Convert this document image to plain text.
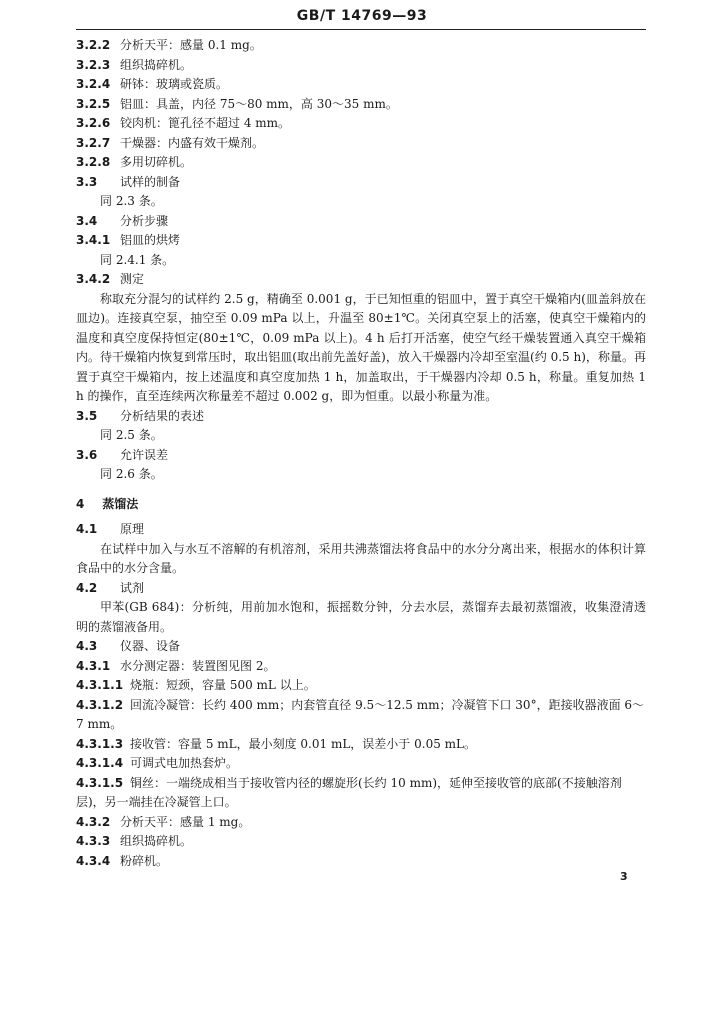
GB/T 14769—93
3.2.2 分析天平：感量 0.1 mg。
3.2.3 组织捣碎机。
3.2.4 研钵：玻璃或瓷质。
3.2.5 铝皿：具盖，内径 75～80 mm，高 30～35 mm。
3.2.6 铰肉机：篦孔径不超过 4 mm。
3.2.7 干燥器：内盛有效干燥剂。
3.2.8 多用切碎机。
3.3 试样的制备
同 2.3 条。
3.4 分析步骤
3.4.1 铝皿的烘烤
同 2.4.1 条。
3.4.2 测定

称取充分混匀的试样约 2.5 g，精确至 0.001 g，于已知恒重的铝皿中，置于真空干燥箱内(皿盖斜放在皿边)。连接真空泵，抽空至 0.09 mPa 以上，升温至 80±1℃。关闭真空泵上的活塞，使真空干燥箱内的温度和真空度保持恒定(80±1℃，0.09 mPa 以上)。4 h 后打开活塞，使空气经干燥装置通入真空干燥箱内。待干燥箱内恢复到常压时，取出铝皿(取出前先盖好盖)，放入干燥器内冷却至室温(约 0.5 h)，称量。再置于真空干燥箱内，按上述温度和真空度加热 1 h，加盖取出，于干燥器内冷却 0.5 h，称量。重复加热 1 h 的操作，直至连续两次称量差不超过 0.002 g，即为恒重。以最小称量为准。

3.5 分析结果的表述
同 2.5 条。
3.6 允许误差
同 2.6 条。
4 蒸馏法
4.1 原理

在试样中加入与水互不溶解的有机溶剂，采用共沸蒸馏法将食品中的水分分离出来，根据水的体积计算食品中的水分含量。

4.2 试剂

甲苯(GB 684)：分析纯，用前加水饱和，振摇数分钟，分去水层，蒸馏弃去最初蒸馏液，收集澄清透明的蒸馏液备用。

4.3 仪器、设备
4.3.1 水分测定器：装置图见图 2。
4.3.1.1 烧瓶：短颈，容量 500 mL 以上。
4.3.1.2 回流冷凝管：长约 400 mm；内套管直径 9.5～12.5 mm；冷凝管下口 30°，距接收器液面 6～7 mm。
4.3.1.3 接收管：容量 5 mL，最小刻度 0.01 mL，误差小于 0.05 mL。
4.3.1.4 可调式电加热套炉。
4.3.1.5 铜丝：一端绕成相当于接收管内径的螺旋形(长约 10 mm)，延伸至接收管的底部(不接触溶剂层)，另一端挂在冷凝管上口。
4.3.2 分析天平：感量 1 mg。
4.3.3 组织捣碎机。
4.3.4 粉碎机。
3
